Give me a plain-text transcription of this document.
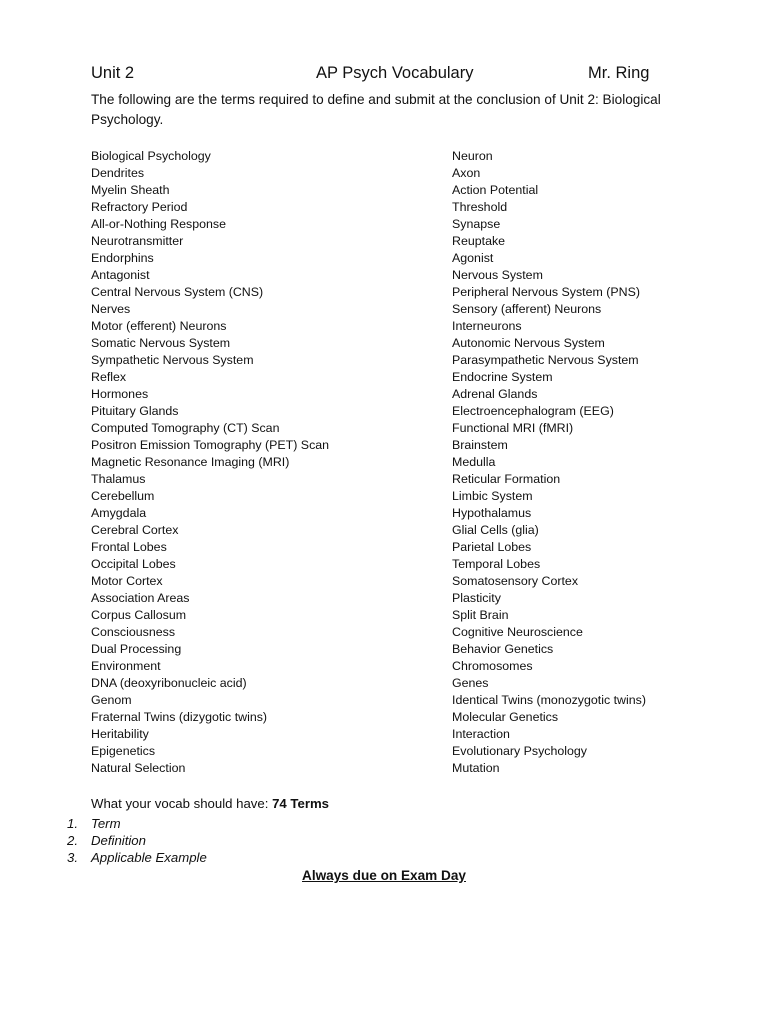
Unit 2	AP Psych Vocabulary	Mr. Ring
The following are the terms required to define and submit at the conclusion of Unit 2: Biological Psychology.
Biological Psychology
Dendrites
Myelin Sheath
Refractory Period
All-or-Nothing Response
Neurotransmitter
Endorphins
Antagonist
Central Nervous System (CNS)
Nerves
Motor (efferent) Neurons
Somatic Nervous System
Sympathetic Nervous System
Reflex
Hormones
Pituitary Glands
Computed Tomography (CT) Scan
Positron Emission Tomography (PET) Scan
Magnetic Resonance Imaging (MRI)
Thalamus
Cerebellum
Amygdala
Cerebral Cortex
Frontal Lobes
Occipital Lobes
Motor Cortex
Association Areas
Corpus Callosum
Consciousness
Dual Processing
Environment
DNA (deoxyribonucleic acid)
Genom
Fraternal Twins (dizygotic twins)
Heritability
Epigenetics
Natural Selection
Neuron
Axon
Action Potential
Threshold
Synapse
Reuptake
Agonist
Nervous System
Peripheral Nervous System (PNS)
Sensory (afferent) Neurons
Interneurons
Autonomic Nervous System
Parasympathetic Nervous System
Endocrine System
Adrenal Glands
Electroencephalogram (EEG)
Functional MRI (fMRI)
Brainstem
Medulla
Reticular Formation
Limbic System
Hypothalamus
Glial Cells (glia)
Parietal Lobes
Temporal Lobes
Somatosensory Cortex
Plasticity
Split Brain
Cognitive Neuroscience
Behavior Genetics
Chromosomes
Genes
Identical Twins (monozygotic twins)
Molecular Genetics
Interaction
Evolutionary Psychology
Mutation
What your vocab should have: 74 Terms
1. Term
2. Definition
3. Applicable Example
Always due on Exam Day
